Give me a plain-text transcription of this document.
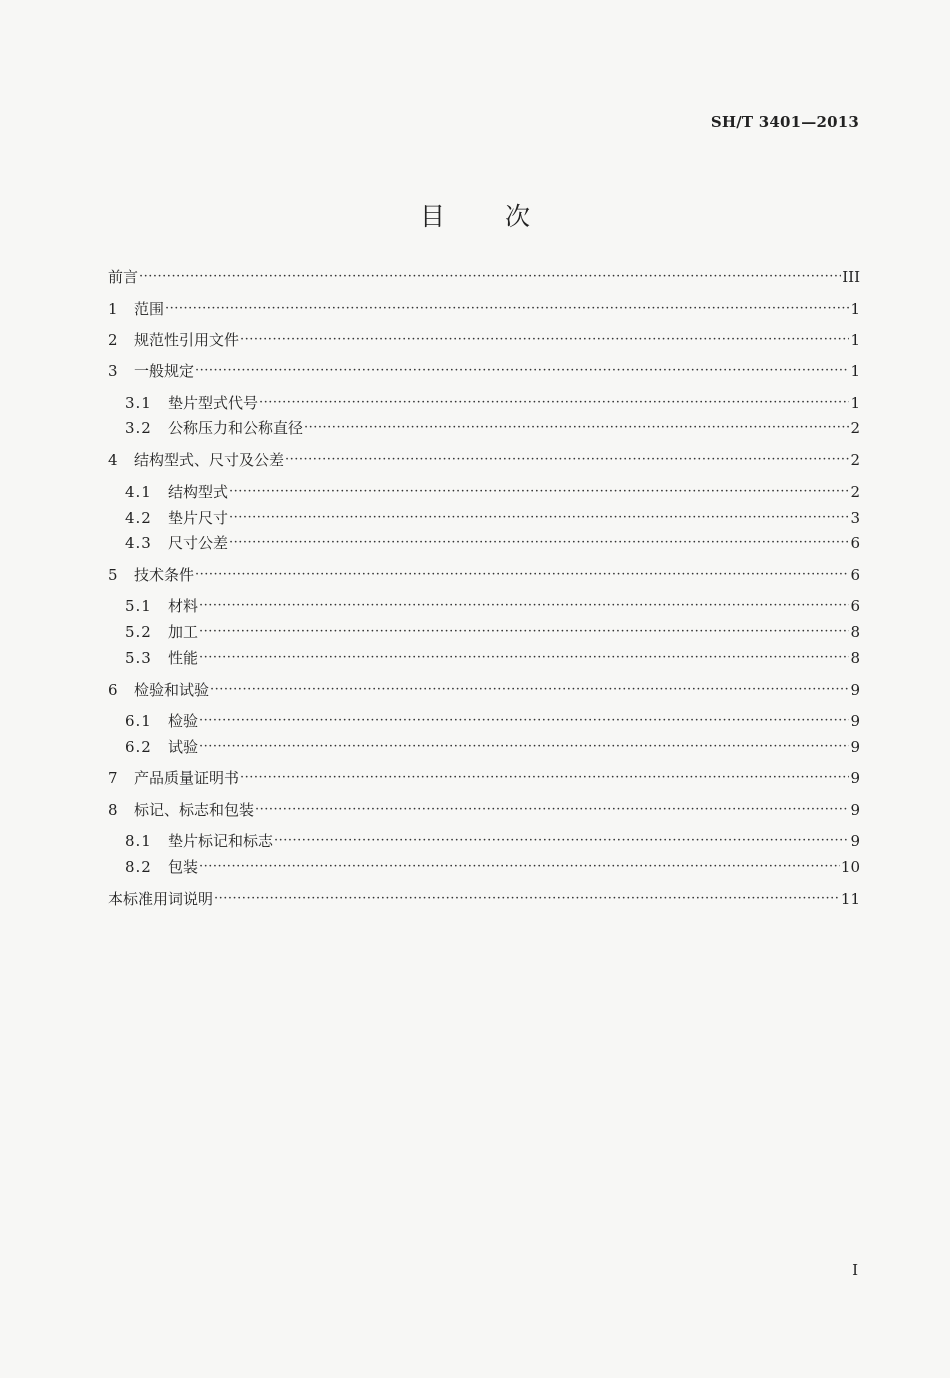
SH/T 3401—2013
目次
前言 ·····	III
1	范围 ·····	1
2	规范性引用文件 ·····	1
3	一般规定 ·····	1
3.1	垫片型式代号 ·····	1
3.2	公称压力和公称直径 ·····	2
4	结构型式、尺寸及公差 ·····	2
4.1	结构型式 ·····	2
4.2	垫片尺寸 ·····	3
4.3	尺寸公差 ·····	6
5	技术条件 ·····	6
5.1	材料 ·····	6
5.2	加工 ·····	8
5.3	性能 ·····	8
6	检验和试验 ·····	9
6.1	检验 ·····	9
6.2	试验 ·····	9
7	产品质量证明书 ·····	9
8	标记、标志和包装 ·····	9
8.1	垫片标记和标志 ·····	9
8.2	包装 ·····	10
本标准用词说明 ·····	11
I
